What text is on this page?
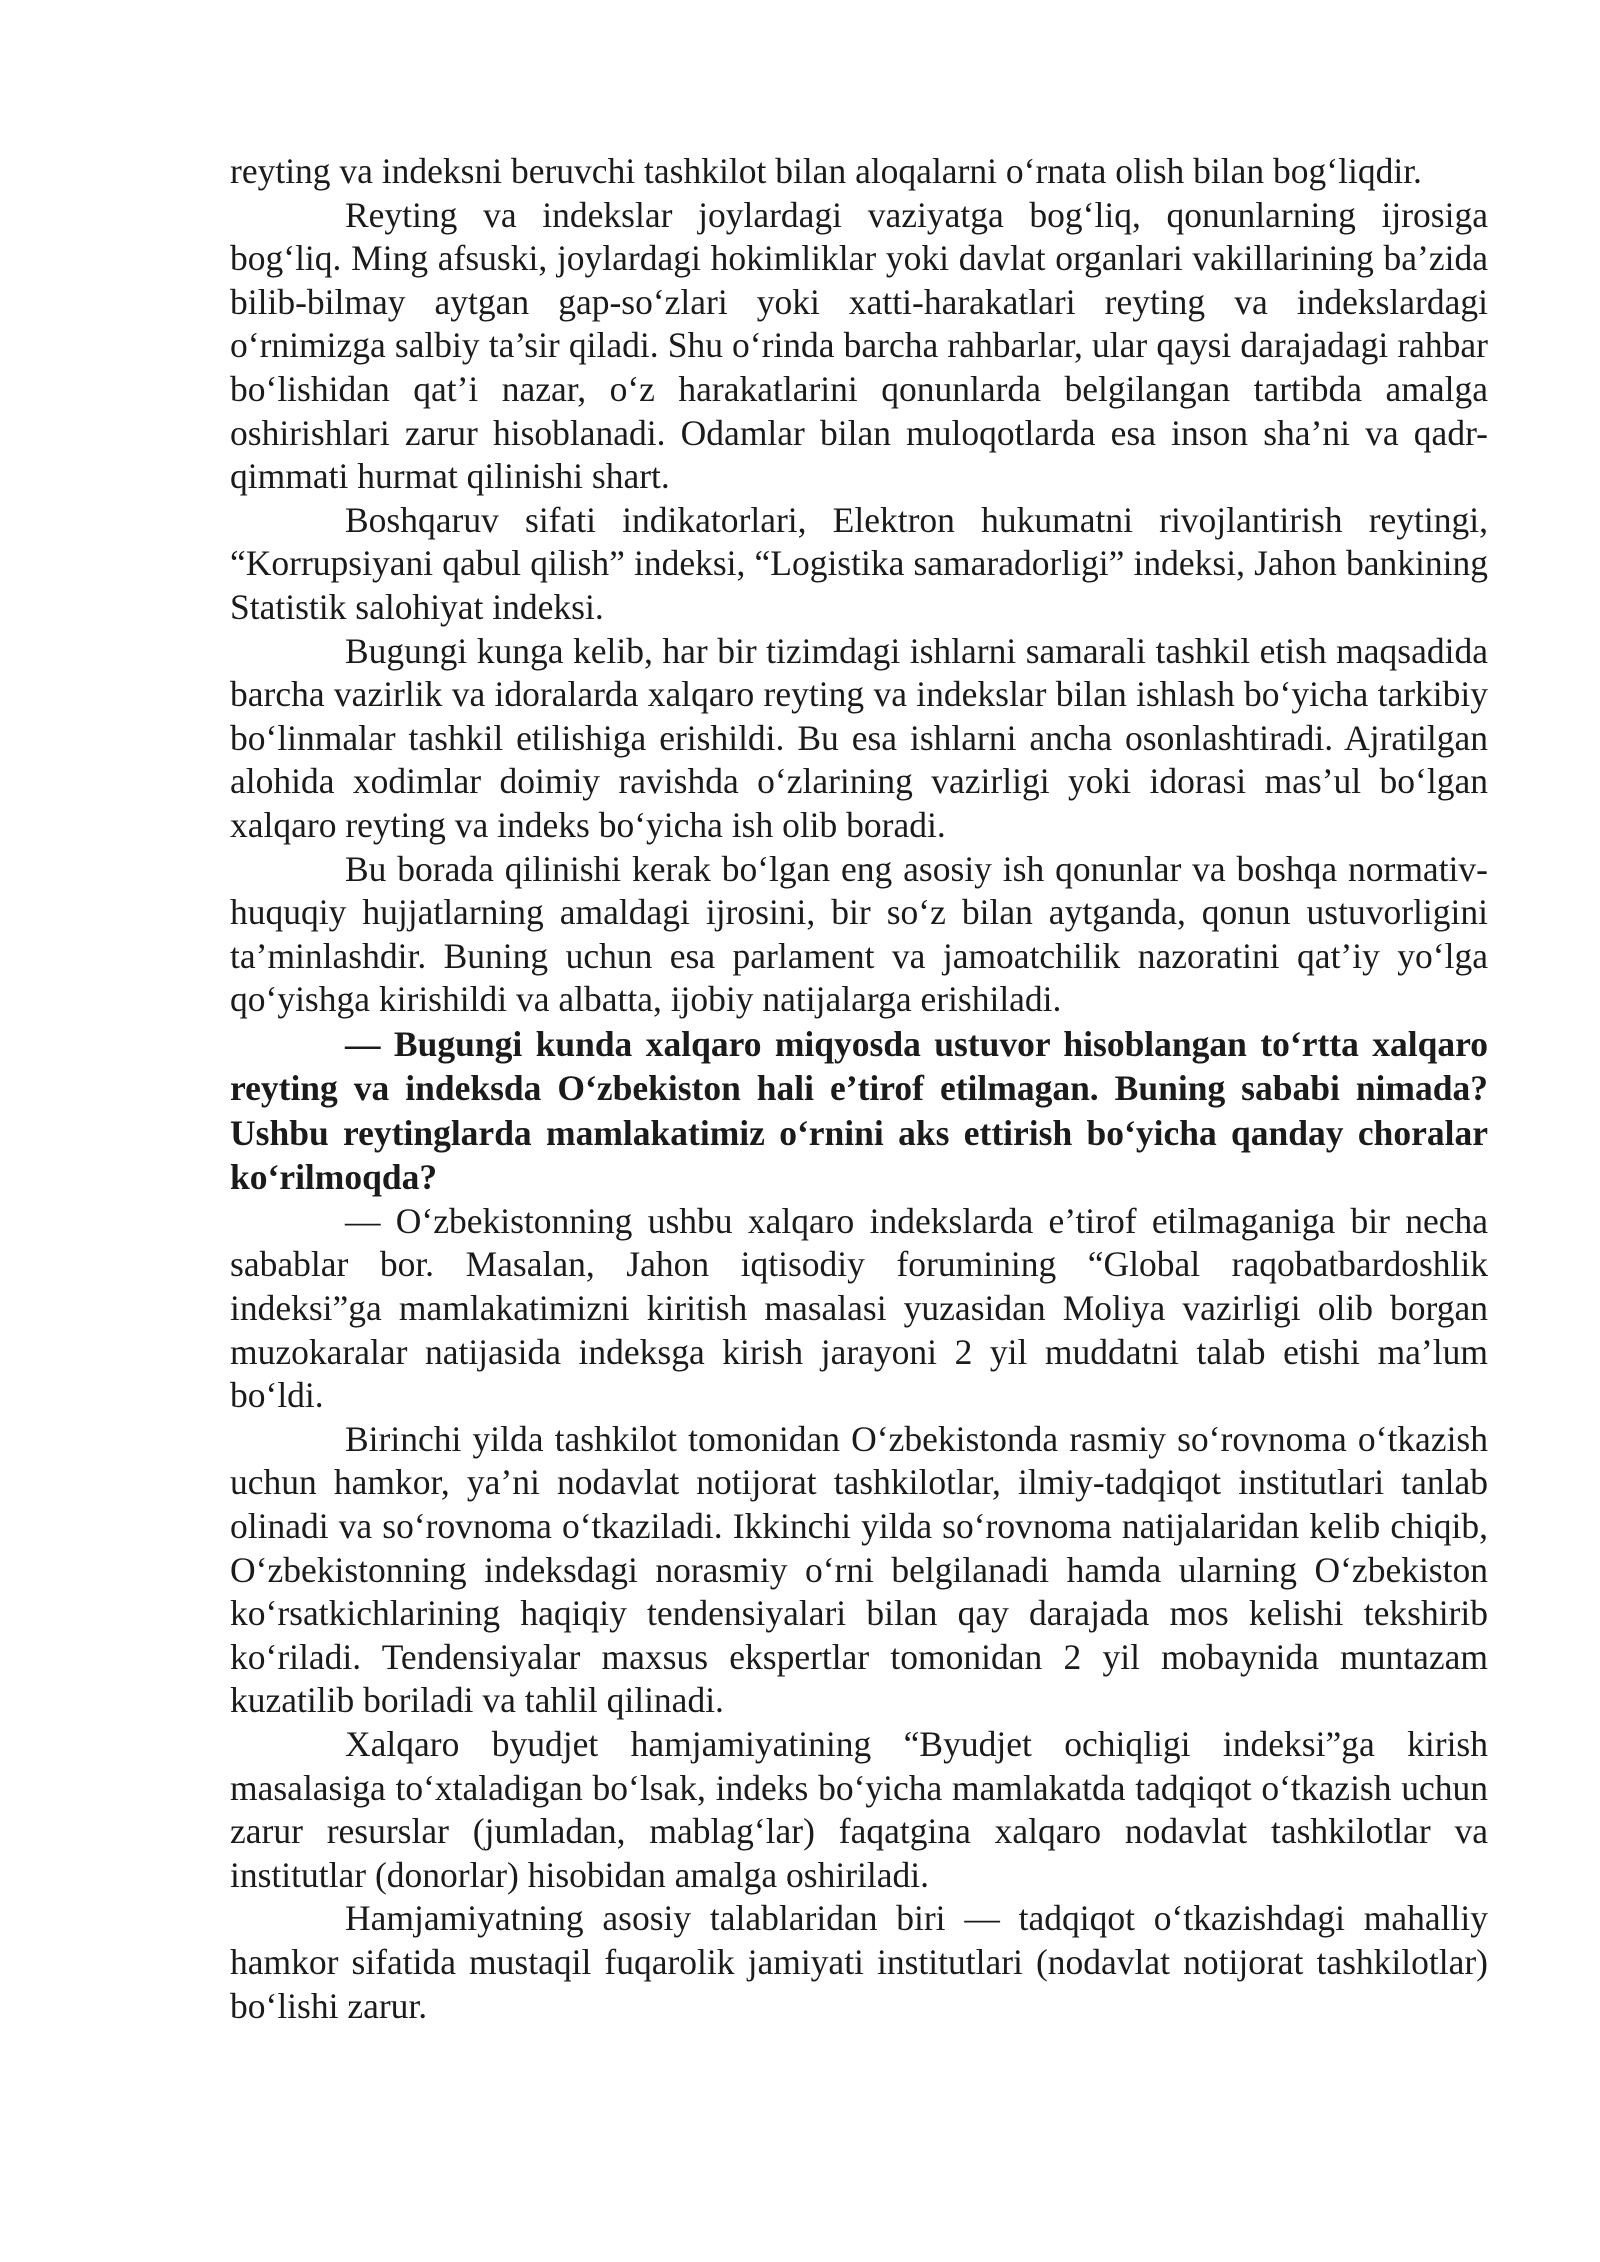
reyting va indeksni beruvchi tashkilot bilan aloqalarni o‘rnata olish bilan bog‘liqdir.

Reyting va indekslar joylardagi vaziyatga bog‘liq, qonunlarning ijrosiga bog‘liq. Ming afsuski, joylardagi hokimliklar yoki davlat organlari vakillarining ba’zida bilib-bilmay aytgan gap-so‘zlari yoki xatti-harakatlari reyting va indekslardagi o‘rnimizga salbiy ta’sir qiladi. Shu o‘rinda barcha rahbarlar, ular qaysi darajadagi rahbar bo‘lishidan qat’i nazar, o‘z harakatlarini qonunlarda belgilangan tartibda amalga oshirishlari zarur hisoblanadi. Odamlar bilan muloqotlarda esa inson sha’ni va qadr-qimmati hurmat qilinishi shart.

Boshqaruv sifati indikatorlari, Elektron hukumatni rivojlantirish reytingi, “Korrupsiyani qabul qilish” indeksi, “Logistika samaradorligi” indeksi, Jahon bankining Statistik salohiyat indeksi.

Bugungi kunga kelib, har bir tizimdagi ishlarni samarali tashkil etish maqsadida barcha vazirlik va idoralarda xalqaro reyting va indekslar bilan ishlash bo‘yicha tarkibiy bo‘linmalar tashkil etilishiga erishildi. Bu esa ishlarni ancha osonlashtiradi. Ajratilgan alohida xodimlar doimiy ravishda o‘zlarining vazirligi yoki idorasi mas’ul bo‘lgan xalqaro reyting va indeks bo‘yicha ish olib boradi.

Bu borada qilinishi kerak bo‘lgan eng asosiy ish qonunlar va boshqa normativ-huquqiy hujjatlarning amaldagi ijrosini, bir so‘z bilan aytganda, qonun ustuvorligini ta’minlashdir. Buning uchun esa parlament va jamoatchilik nazoratini qat’iy yo‘lga qo‘yishga kirishildi va albatta, ijobiy natijalarga erishiladi.

— Bugungi kunda xalqaro miqyosda ustuvor hisoblangan to‘rtta xalqaro reyting va indeksda O‘zbekiston hali e’tirof etilmagan. Buning sababi nimada? Ushbu reytinglarda mamlakatimiz o‘rnini aks ettirish bo‘yicha qanday choralar ko‘rilmoqda?

— O‘zbekistonning ushbu xalqaro indekslarda e’tirof etilmaganiga bir necha sabablar bor. Masalan, Jahon iqtisodiy forumining “Global raqobatbardoshlik indeksi”ga mamlakatimizni kiritish masalasi yuzasidan Moliya vazirligi olib borgan muzokaralar natijasida indeksga kirish jarayoni 2 yil muddatni talab etishi ma’lum bo‘ldi.

Birinchi yilda tashkilot tomonidan O‘zbekistonda rasmiy so‘rovnoma o‘tkazish uchun hamkor, ya’ni nodavlat notijorat tashkilotlar, ilmiy-tadqiqot institutlari tanlab olinadi va so‘rovnoma o‘tkaziladi. Ikkinchi yilda so‘rovnoma natijalaridan kelib chiqib, O‘zbekistonning indeksdagi norasmiy o‘rni belgilanadi hamda ularning O‘zbekiston ko‘rsatkichlarining haqiqiy tendensiyalari bilan qay darajada mos kelishi tekshirib ko‘riladi. Tendensiyalar maxsus ekspertlar tomonidan 2 yil mobaynida muntazam kuzatilib boriladi va tahlil qilinadi.

Xalqaro byudjet hamjamiyatining “Byudjet ochiqligi indeksi”ga kirish masalasiga to‘xtaladigan bo‘lsak, indeks bo‘yicha mamlakatda tadqiqot o‘tkazish uchun zarur resurslar (jumladan, mablag‘lar) faqatgina xalqaro nodavlat tashkilotlar va institutlar (donorlar) hisobidan amalga oshiriladi.

Hamjamiyatning asosiy talablaridan biri — tadqiqot o‘tkazishdagi mahalliy hamkor sifatida mustaqil fuqarolik jamiyati institutlari (nodavlat notijorat tashkilotlar) bo‘lishi zarur.
